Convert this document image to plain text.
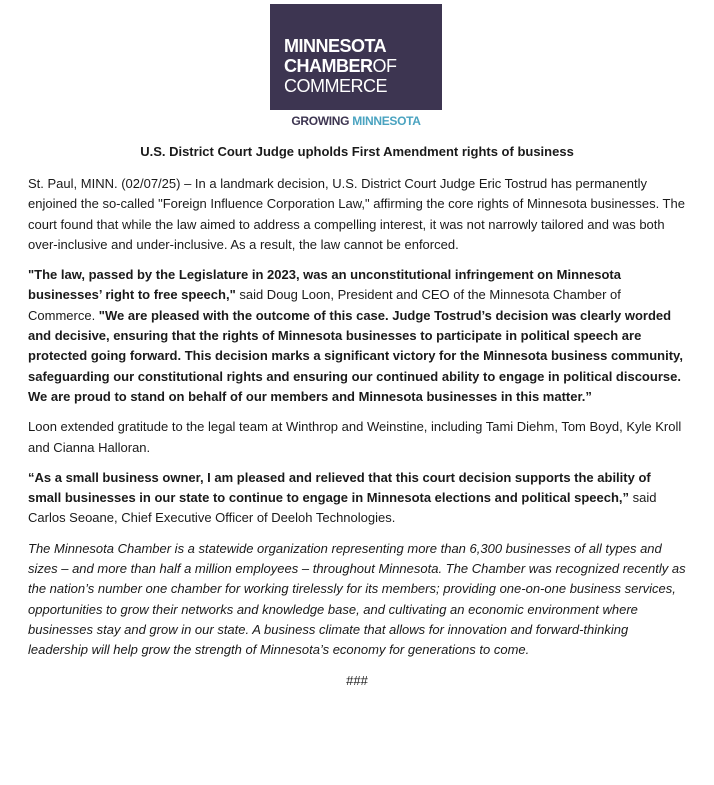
MINNESOTA
CHAMBEROF
COMMERCE
GROWING MINNESOTA
U.S. District Court Judge upholds First Amendment rights of business

St. Paul, MINN. (02/07/25) – In a landmark decision, U.S. District Court Judge Eric Tostrud has permanently enjoined the so-called "Foreign Influence Corporation Law," affirming the core rights of Minnesota businesses. The court found that while the law aimed to address a compelling interest, it was not narrowly tailored and was both over-inclusive and under-inclusive. As a result, the law cannot be enforced.

"The law, passed by the Legislature in 2023, was an unconstitutional infringement on Minnesota businesses’ right to free speech," said Doug Loon, President and CEO of the Minnesota Chamber of Commerce. "We are pleased with the outcome of this case. Judge Tostrud’s decision was clearly worded and decisive, ensuring that the rights of Minnesota businesses to participate in political speech are protected going forward. This decision marks a significant victory for the Minnesota business community, safeguarding our constitutional rights and ensuring our continued ability to engage in political discourse. We are proud to stand on behalf of our members and Minnesota businesses in this matter.”

Loon extended gratitude to the legal team at Winthrop and Weinstine, including Tami Diehm, Tom Boyd, Kyle Kroll and Cianna Halloran.

“As a small business owner, I am pleased and relieved that this court decision supports the ability of small businesses in our state to continue to engage in Minnesota elections and political speech,” said Carlos Seoane, Chief Executive Officer of Deeloh Technologies.

The Minnesota Chamber is a statewide organization representing more than 6,300 businesses of all types and sizes – and more than half a million employees – throughout Minnesota. The Chamber was recognized recently as the nation’s number one chamber for working tirelessly for its members; providing one-on-one business services, opportunities to grow their networks and knowledge base, and cultivating an economic environment where businesses stay and grow in our state. A business climate that allows for innovation and forward-thinking leadership will help grow the strength of Minnesota’s economy for generations to come.

###
